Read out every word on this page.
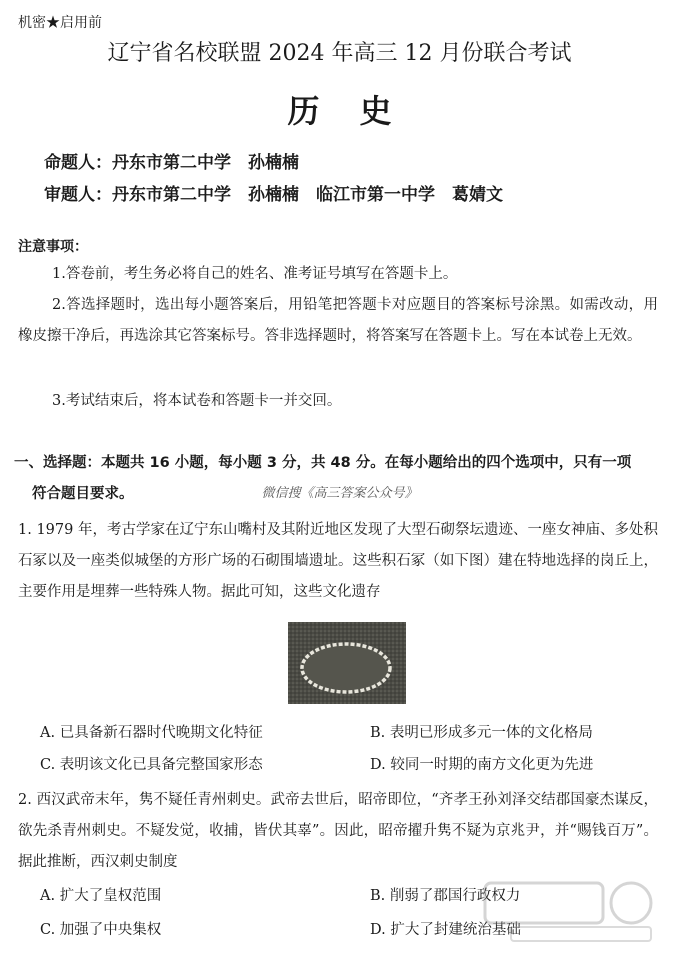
机密★启用前
辽宁省名校联盟 2024 年高三 12 月份联合考试
历史
命题人：丹东市第二中学　孙楠楠
审题人：丹东市第二中学　孙楠楠　临江市第一中学　葛婧文
注意事项：
1.答卷前，考生务必将自己的姓名、准考证号填写在答题卡上。
2.答选择题时，选出每小题答案后，用铅笔把答题卡对应题目的答案标号涂黑。如需改动，用橡皮擦干净后，再选涂其它答案标号。答非选择题时，将答案写在答题卡上。写在本试卷上无效。
3.考试结束后，将本试卷和答题卡一并交回。
一、选择题：本题共 16 小题，每小题 3 分，共 48 分。在每小题给出的四个选项中，只有一项
符合题目要求。	微信搜《高三答案公众号》
1. 1979 年，考古学家在辽宁东山嘴村及其附近地区发现了大型石砌祭坛遗迹、一座女神庙、多处积石冢以及一座类似城堡的方形广场的石砌围墙遗址。这些积石冢（如下图）建在特地选择的岗丘上，主要作用是埋葬一些特殊人物。据此可知，这些文化遗存
A. 已具备新石器时代晚期文化特征	B. 表明已形成多元一体的文化格局
C. 表明该文化已具备完整国家形态	D. 较同一时期的南方文化更为先进
2. 西汉武帝末年，隽不疑任青州刺史。武帝去世后，昭帝即位，“齐孝王孙刘泽交结郡国豪杰谋反，欲先杀青州刺史。不疑发觉，收捕，皆伏其辜”。因此，昭帝擢升隽不疑为京兆尹，并“赐钱百万”。据此推断，西汉刺史制度
A. 扩大了皇权范围	B. 削弱了郡国行政权力
C. 加强了中央集权	D. 扩大了封建统治基础
